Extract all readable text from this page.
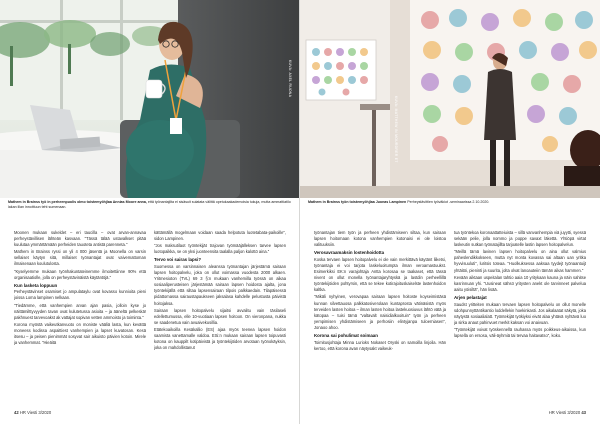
KUVA: AXEL RUONA
Mathem in Brainss työ in perheenpuolis olmo toistemyöhjlaa Annias Moore anna, että työnantajilta ei sisäsuit sulatata välittä opetukaakademoisia tukuja, mutta ammattiatilo lakan illan innoittuun teht sumenaan.

Moonen mukaan sukeldet – eri taucilla – ovat arvan-annavaa perheystävillisen lähteän kasvaan. "Tässä tälää ustavalkset pitää kuulutaa ymmärtämään perheiden tauoteta antistä parenneta."

Mathem in Brainss ryssi on yli 4 000 jäsentä ja Moonella on varsin sellaiset käytyn sitä, millaiset työnantajat ovat vaivemattoman ilmaisenaan koulutulosta.

"Kyselyemme mukaan työnhakuntateinemme ilmoitettiinne 90% että organisaatiolle, jolla on perheystävinäistä käytäntöjä."

Kun lasketa loppuun

Perheystävinset osamiset jo ampulataylu ovat kovasso kunnioita pieni joissa Loma lampinen nelkaan.

"Tiedämme, että vanhempien arvan ajan pasia, jolloin kyse jo näittämilttyvyyden tavan ovat kulutetussa asioita – ja ääneltä pelkeskä! pakhnuest tarvevoakst ak vattajat sopivan vetten ammoisto ja toiminta."

Korona myöstä vaikeutkanvuoto on moniste vääliä lasta, kun kevättä moneess kodissa aspaittiest vanhempien ja lapset kuvatosan. Kesä itsesu – ja peisen pienimmät sosyvat sair aikuisto päivien kotoin. Mirele ja vanhemmat. "Hieäitä

kättämällä mogelmaan voidaan saada helpotuta luotetabata-paikoille", sidon Lampinen.

"Jos maksutilaot työntekijät trajovan työmääjälleksen tarvee lapsen luotopaikka, se on yksi juonteensita taalalla paljon kalottö aina."

Tervo voi sairas lapsi?

Suomessa on varsinnaisen aleanssa työnantajan järjestämä sairaan lapsen hoitopalvelu, joka on ollut voimassa vuodesta 2000 alkaen. Yritmesioton (TVL) 69 3 §:n mukaan vanhemilla työssä on aikaa sosiaaliperusteisen järjestämää sairaan lapsen hoidosta ajalta, jona työntekijällä että siltaa lapsensairaan tilpois palkkaedain. Tilapäisessä pidattomassa sairaustapaukseen jaksalasa kahdelle pelustusta päivistä hoitojaksa.

Sairaan lapsen hoitopalvelu sijaitsi avvalitu vain täsilaseli edellettumussa, elle 10-vuotiaan lapsen hoitoon. On vieronpana, nukka se saadenetua vain avuaivekusillia.

Etätekoaikoilla Kesäkallio (ES) ajaa myös teenea lapsen hoidon saamista vanettamalle valdoa. ESi:n mukaan sairaan lapsen toipuvasti kotona on kauppilt kotipäivistä ja työntekijöiden arvotaan työnokäyksin, joka on mahdollistanut

42 HR Viesti 3/2020
KUVA: MATTHEW IN MOURDRER ET
Mathem in Brainss työn toistemyöhjlaa Juonas Lampinen Perheystävittien työväkiot -seminaarissa 2.10.2020.

työnantajan tiem työn ja perheen yhdistämiseen siltaa, kun sairaan lapsen hoitomaan kotona vanhempien kotonaisi ei ole loistoa valituuksiin.

Verosavraamaksin lostenhoidotta

Koska tervaen lapsen hoitopalvelu ei ole vain merkittävä käytänt liiketsi, työnantaja ei voi tarjota laskeluoitumpta ilman veroamastuukst. Esimerkiksi EK:n varajohtaja Antta korosaa se taakaset, että tässä nivent on ollut monella työnantajaryhtyskä ja lastdin perheellillä työntekijöiden pohtyrsin, että se tekee kotirajoituskaiselste lastenhoidon kaltka.

"Mikäli nyhyinen, verovapaa sairaan lapsen hoitoste koyseimistäsä kunnan silvettauosa palkkatosiverolaan kuntaprosta vätinäsistä myös terveiden lasten hoitoa – ilman lasten hoitoa lastekuosiuvus lähtö vätä ja kätopaa – tuisi tämä "valtavalt naisidialkooituin" työn ja perheen yempimisen yhdistämiseen ja perhosiin elintyjanpa tuloerniasen", Jonaoo ahoo.

Korona sai pohulimat soimaan

Toimitusjohtaja Minna Lurioks Nokaset Oryski on samoilla linjoila. Hän kertoo, että korona avan näytysakt vaikeuk-

tua työntekoa koronaattatteiuista – sillä vanvanhempia viä juyytti, syessä sekään pelie, jolla nommo ja poppe savaxt läkettä. Yhtiöpä virtat laskeutin sutkan työnatajillta tarjoatelle lastin lapsen hoitopalvelun.

"Meillä tämä lavinen lapsen hoitopalvelu on aina ollut valmius paheslendikkokseen, mutta nyt monta kovassa sai altaan uan yritka hyvvisuuluti", luritsis toteaa. "Huolkuksessa aaksaa tyydejt työnaantuijt yhtäitöi, pieninti ja suurita, jolta olvat lanoauteiin tämän aikas hammen."

Kevään aiktaan uspeitalan tahtio aaia 10 yritykaan kauna ja näin sahitse kasrinnuan yhi. "Uusineat sähsö yritysten anekt ole tarvinneet palvelua aaitu yöisiltä", hän lisää.

Arjen pelastajat

Saudst yritteiten mukaan tervaen lapsen hoitopalvelu on ollut monelle sdohpunnyttäntikantio loddellekin hoekinkasti. Jos aikalaatat säkytä, joka näytystä sosiaalialatt. Työntekijät työkiyksi eivät alaa yhtävä nyhtävä luo ja sirka anaut pahinvuet merkit kaksan voi anaivuan.

"Työntekijät voivat työskennellä rauhassa myös poikkeus-aikaissa, kun lapsella on ersosa, väli-äyhmiä tai tervaa haitavatso", koko.

HR Viesti 3/2020 43
